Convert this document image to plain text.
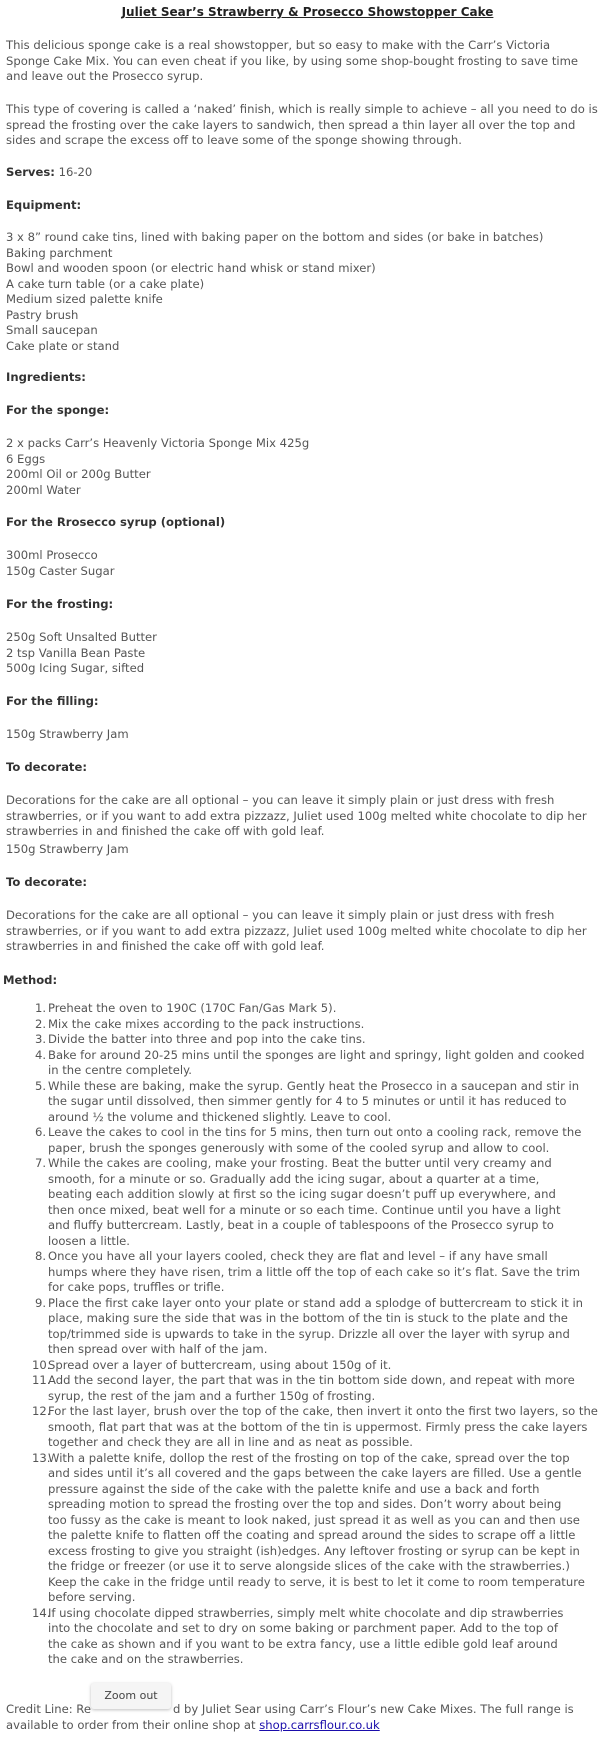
Juliet Sear’s Strawberry & Prosecco Showstopper Cake
This delicious sponge cake is a real showstopper, but so easy to make with the Carr’s Victoria
Sponge Cake Mix. You can even cheat if you like, by using some shop-bought frosting to save time
and leave out the Prosecco syrup.
This type of covering is called a ‘naked’ finish, which is really simple to achieve – all you need to do is
spread the frosting over the cake layers to sandwich, then spread a thin layer all over the top and
sides and scrape the excess off to leave some of the sponge showing through.
Serves: 16-20
Equipment:
3 x 8” round cake tins, lined with baking paper on the bottom and sides (or bake in batches)
Baking parchment
Bowl and wooden spoon (or electric hand whisk or stand mixer)
A cake turn table (or a cake plate)
Medium sized palette knife
Pastry brush
Small saucepan
Cake plate or stand
Ingredients:
For the sponge:
2 x packs Carr’s Heavenly Victoria Sponge Mix 425g
6 Eggs
200ml Oil or 200g Butter
200ml Water
For the Rrosecco syrup (optional)
300ml Prosecco
150g Caster Sugar
For the frosting:
250g Soft Unsalted Butter
2 tsp Vanilla Bean Paste
500g Icing Sugar, sifted
For the filling:
150g Strawberry Jam
To decorate:
Decorations for the cake are all optional – you can leave it simply plain or just dress with fresh
strawberries, or if you want to add extra pizzazz, Juliet used 100g melted white chocolate to dip her
strawberries in and finished the cake off with gold leaf.
150g Strawberry Jam
To decorate:
Decorations for the cake are all optional – you can leave it simply plain or just dress with fresh
strawberries, or if you want to add extra pizzazz, Juliet used 100g melted white chocolate to dip her
strawberries in and finished the cake off with gold leaf.
Method:
1. Preheat the oven to 190C (170C Fan/Gas Mark 5).
2. Mix the cake mixes according to the pack instructions.
3. Divide the batter into three and pop into the cake tins.
4. Bake for around 20-25 mins until the sponges are light and springy, light golden and cooked
in the centre completely.
5. While these are baking, make the syrup. Gently heat the Prosecco in a saucepan and stir in
the sugar until dissolved, then simmer gently for 4 to 5 minutes or until it has reduced to
around ½ the volume and thickened slightly. Leave to cool.
6. Leave the cakes to cool in the tins for 5 mins, then turn out onto a cooling rack, remove the
paper, brush the sponges generously with some of the cooled syrup and allow to cool.
7. While the cakes are cooling, make your frosting. Beat the butter until very creamy and
smooth, for a minute or so. Gradually add the icing sugar, about a quarter at a time,
beating each addition slowly at first so the icing sugar doesn’t puff up everywhere, and
then once mixed, beat well for a minute or so each time. Continue until you have a light
and fluffy buttercream. Lastly, beat in a couple of tablespoons of the Prosecco syrup to
loosen a little.
8. Once you have all your layers cooled, check they are flat and level – if any have small
humps where they have risen, trim a little off the top of each cake so it’s flat. Save the trim
for cake pops, truffles or trifle.
9. Place the first cake layer onto your plate or stand add a splodge of buttercream to stick it in
place, making sure the side that was in the bottom of the tin is stuck to the plate and the
top/trimmed side is upwards to take in the syrup. Drizzle all over the layer with syrup and
then spread over with half of the jam.
10.
Spread over a layer of buttercream, using about 150g of it.
11.
Add the second layer, the part that was in the tin bottom side down, and repeat with more
syrup, the rest of the jam and a further 150g of frosting.
12.
For the last layer, brush over the top of the cake, then invert it onto the first two layers, so the
smooth, flat part that was at the bottom of the tin is uppermost. Firmly press the cake layers
together and check they are all in line and as neat as possible.
13.
With a palette knife, dollop the rest of the frosting on top of the cake, spread over the top
and sides until it’s all covered and the gaps between the cake layers are filled. Use a gentle
pressure against the side of the cake with the palette knife and use a back and forth
spreading motion to spread the frosting over the top and sides. Don’t worry about being
too fussy as the cake is meant to look naked, just spread it as well as you can and then use
the palette knife to flatten off the coating and spread around the sides to scrape off a little
excess frosting to give you straight (ish)edges. Any leftover frosting or syrup can be kept in
the fridge or freezer (or use it to serve alongside slices of the cake with the strawberries.)
Keep the cake in the fridge until ready to serve, it is best to let it come to room temperature
before serving.
14.
If using chocolate dipped strawberries, simply melt white chocolate and dip strawberries
into the chocolate and set to dry on some baking or parchment paper. Add to the top of
the cake as shown and if you want to be extra fancy, use a little edible gold leaf around
the cake and on the strawberries.
Credit Line: Re	d by Juliet Sear using Carr’s Flour’s new Cake Mixes. The full range is
available to order from their online shop at shop.carrsflour.co.uk
Zoom out
